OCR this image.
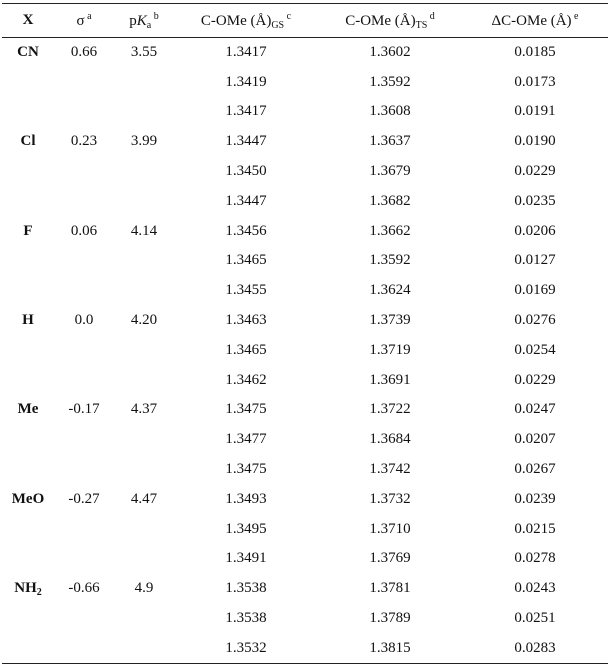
X	σ $^a$	$pK_a$ $^b$	C-OMe $(Å)_{GS}$ $^c$	C-OMe $(Å)_{TS}$ $^d$	ΔC-OMe (Å) $^e$
CN	0.66	3.55	1.3417	1.3602	0.0185
			1.3419	1.3592	0.0173
			1.3417	1.3608	0.0191
Cl	0.23	3.99	1.3447	1.3637	0.0190
			1.3450	1.3679	0.0229
			1.3447	1.3682	0.0235
F	0.06	4.14	1.3456	1.3662	0.0206
			1.3465	1.3592	0.0127
			1.3455	1.3624	0.0169
H	0.0	4.20	1.3463	1.3739	0.0276
			1.3465	1.3719	0.0254
			1.3462	1.3691	0.0229
Me	-0.17	4.37	1.3475	1.3722	0.0247
			1.3477	1.3684	0.0207
			1.3475	1.3742	0.0267
MeO	-0.27	4.47	1.3493	1.3732	0.0239
			1.3495	1.3710	0.0215
			1.3491	1.3769	0.0278
$NH_2$	-0.66	4.9	1.3538	1.3781	0.0243
			1.3538	1.3789	0.0251
			1.3532	1.3815	0.0283
